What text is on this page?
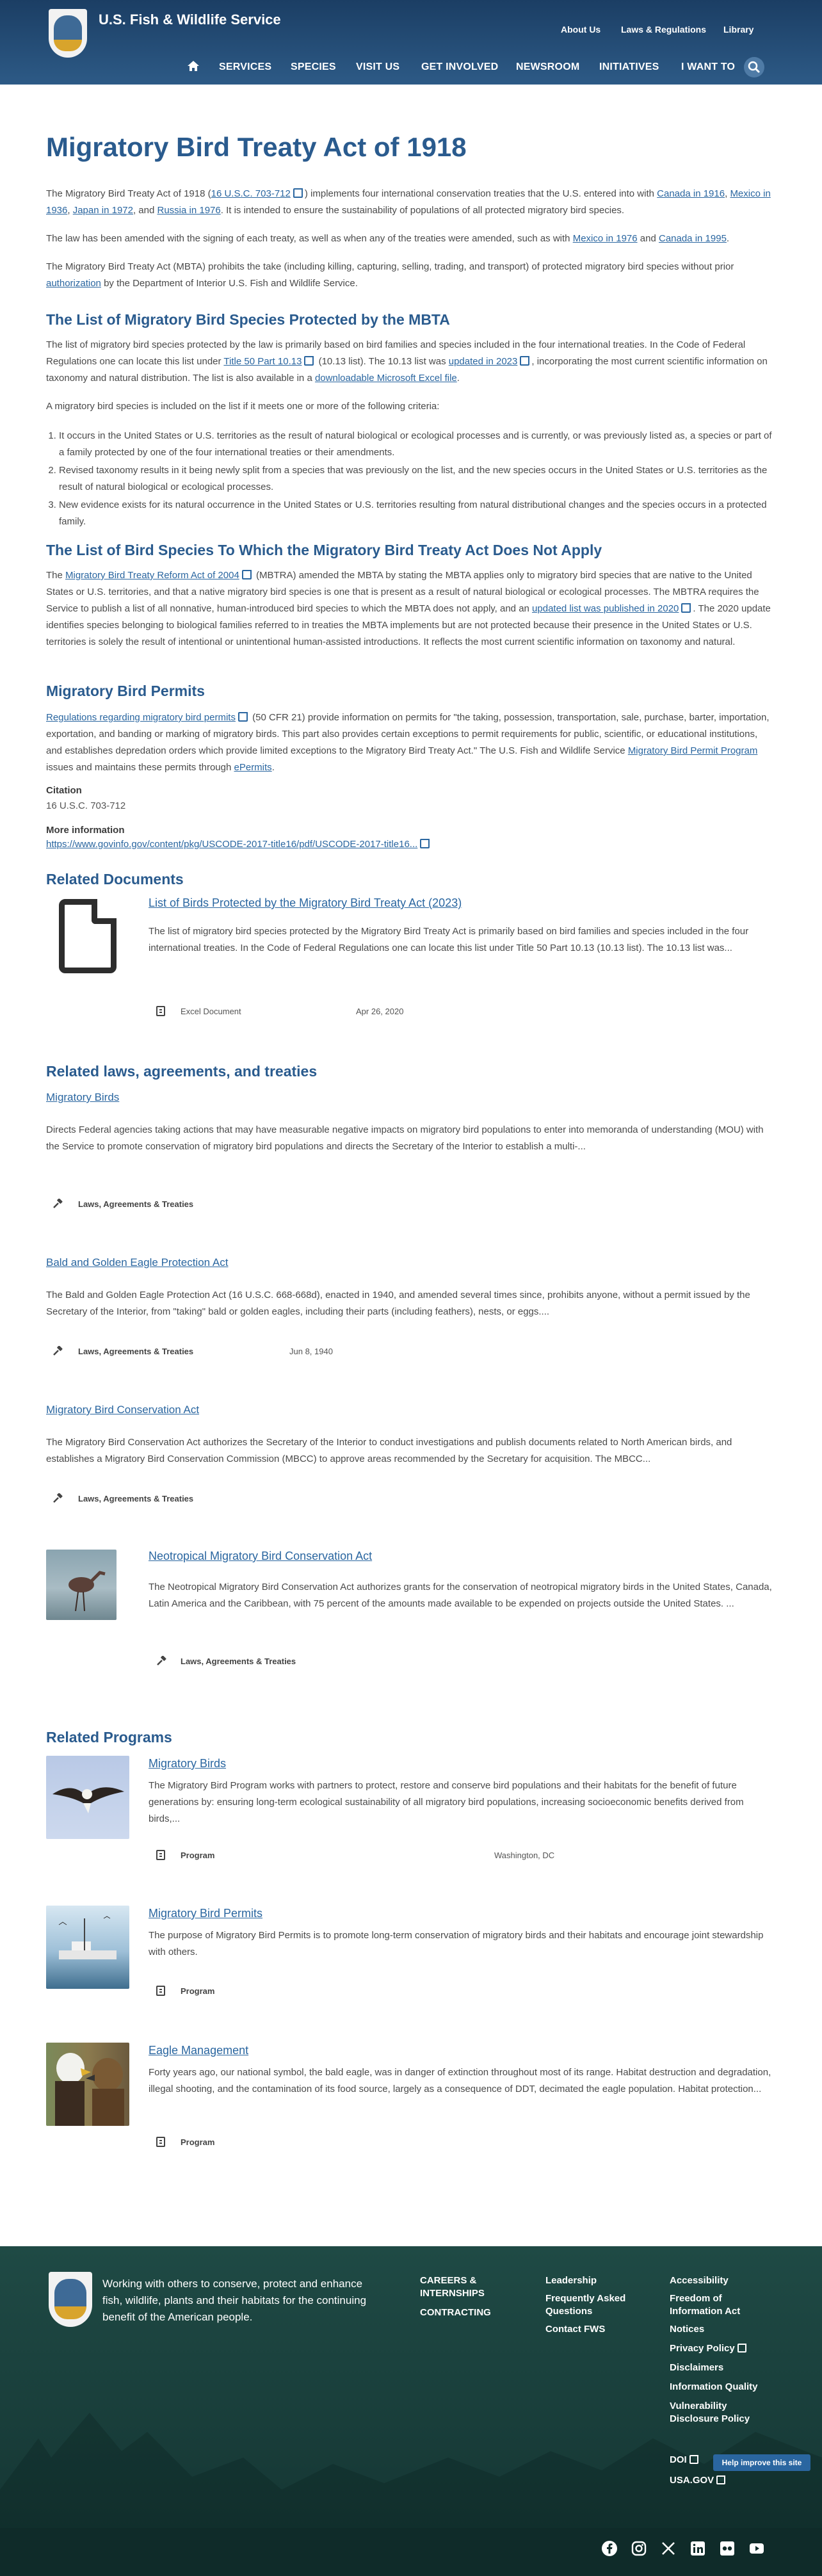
U.S. Fish & Wildlife Service
About Us Laws & Regulations Library
SERVICES SPECIES VISIT US GET INVOLVED NEWSROOM INITIATIVES I WANT TO
Migratory Bird Treaty Act of 1918

The Migratory Bird Treaty Act of 1918 (16 U.S.C. 703-712 ) implements four international conservation treaties that the U.S. entered into with Canada in 1916, Mexico in 1936, Japan in 1972, and Russia in 1976. It is intended to ensure the sustainability of populations of all protected migratory bird species.

The law has been amended with the signing of each treaty, as well as when any of the treaties were amended, such as with Mexico in 1976 and Canada in 1995.

The Migratory Bird Treaty Act (MBTA) prohibits the take (including killing, capturing, selling, trading, and transport) of protected migratory bird species without prior authorization by the Department of Interior U.S. Fish and Wildlife Service.

The List of Migratory Bird Species Protected by the MBTA

The list of migratory bird species protected by the law is primarily based on bird families and species included in the four international treaties. In the Code of Federal Regulations one can locate this list under Title 50 Part 10.13 (10.13 list). The 10.13 list was updated in 2023 , incorporating the most current scientific information on taxonomy and natural distribution. The list is also available in a downloadable Microsoft Excel file.

A migratory bird species is included on the list if it meets one or more of the following criteria:

1. It occurs in the United States or U.S. territories as the result of natural biological or ecological processes and is currently, or was previously listed as, a species or part of a family protected by one of the four international treaties or their amendments.
2. Revised taxonomy results in it being newly split from a species that was previously on the list, and the new species occurs in the United States or U.S. territories as the result of natural biological or ecological processes.
3. New evidence exists for its natural occurrence in the United States or U.S. territories resulting from natural distributional changes and the species occurs in a protected family.
The List of Bird Species To Which the Migratory Bird Treaty Act Does Not Apply

The Migratory Bird Treaty Reform Act of 2004 (MBTRA) amended the MBTA by stating the MBTA applies only to migratory bird species that are native to the United States or U.S. territories, and that a native migratory bird species is one that is present as a result of natural biological or ecological processes. The MBTRA requires the Service to publish a list of all nonnative, human-introduced bird species to which the MBTA does not apply, and an updated list was published in 2020 . The 2020 update identifies species belonging to biological families referred to in treaties the MBTA implements but are not protected because their presence in the United States or U.S. territories is solely the result of intentional or unintentional human-assisted introductions. It reflects the most current scientific information on taxonomy and natural.

Migratory Bird Permits

Regulations regarding migratory bird permits (50 CFR 21) provide information on permits for "the taking, possession, transportation, sale, purchase, barter, importation, exportation, and banding or marking of migratory birds. This part also provides certain exceptions to permit requirements for public, scientific, or educational institutions, and establishes depredation orders which provide limited exceptions to the Migratory Bird Treaty Act." The U.S. Fish and Wildlife Service Migratory Bird Permit Program issues and maintains these permits through ePermits.

Citation
16 U.S.C. 703-712
More information
https://www.govinfo.gov/content/pkg/USCODE-2017-title16/pdf/USCODE-2017-title16...
Related Documents
List of Birds Protected by the Migratory Bird Treaty Act (2023)

The list of migratory bird species protected by the Migratory Bird Treaty Act is primarily based on bird families and species included in the four international treaties. In the Code of Federal Regulations one can locate this list under Title 50 Part 10.13 (10.13 list). The 10.13 list was...

Excel Document	Apr 26, 2020
Related laws, agreements, and treaties
Migratory Birds

Directs Federal agencies taking actions that may have measurable negative impacts on migratory bird populations to enter into memoranda of understanding (MOU) with the Service to promote conservation of migratory bird populations and directs the Secretary of the Interior to establish a multi-...

Laws, Agreements & Treaties
Bald and Golden Eagle Protection Act

The Bald and Golden Eagle Protection Act (16 U.S.C. 668-668d), enacted in 1940, and amended several times since, prohibits anyone, without a permit issued by the Secretary of the Interior, from "taking" bald or golden eagles, including their parts (including feathers), nests, or eggs....

Laws, Agreements & Treaties	Jun 8, 1940
Migratory Bird Conservation Act

The Migratory Bird Conservation Act authorizes the Secretary of the Interior to conduct investigations and publish documents related to North American birds, and establishes a Migratory Bird Conservation Commission (MBCC) to approve areas recommended by the Secretary for acquisition. The MBCC...

Laws, Agreements & Treaties
Neotropical Migratory Bird Conservation Act

The Neotropical Migratory Bird Conservation Act authorizes grants for the conservation of neotropical migratory birds in the United States, Canada, Latin America and the Caribbean, with 75 percent of the amounts made available to be expended on projects outside the United States. ...

Laws, Agreements & Treaties
Related Programs
Migratory Birds

The Migratory Bird Program works with partners to protect, restore and conserve bird populations and their habitats for the benefit of future generations by: ensuring long-term ecological sustainability of all migratory bird populations, increasing socioeconomic benefits derived from birds,...

Program	Washington, DC
Migratory Bird Permits

The purpose of Migratory Bird Permits is to promote long-term conservation of migratory birds and their habitats and encourage joint stewardship with others.

Program
Eagle Management

Forty years ago, our national symbol, the bald eagle, was in danger of extinction throughout most of its range. Habitat destruction and degradation, illegal shooting, and the contamination of its food source, largely as a consequence of DDT, decimated the eagle population. Habitat protection...

Program

Working with others to conserve, protect and enhance fish, wildlife, plants and their habitats for the continuing benefit of the American people.

CAREERS & INTERNSHIPS
CONTRACTING
Leadership
Frequently Asked Questions
Contact FWS
Accessibility
Freedom of Information Act
Notices
Privacy Policy
Disclaimers
Information Quality
Vulnerability Disclosure Policy
DOI
USA.GOV
Help improve this site
